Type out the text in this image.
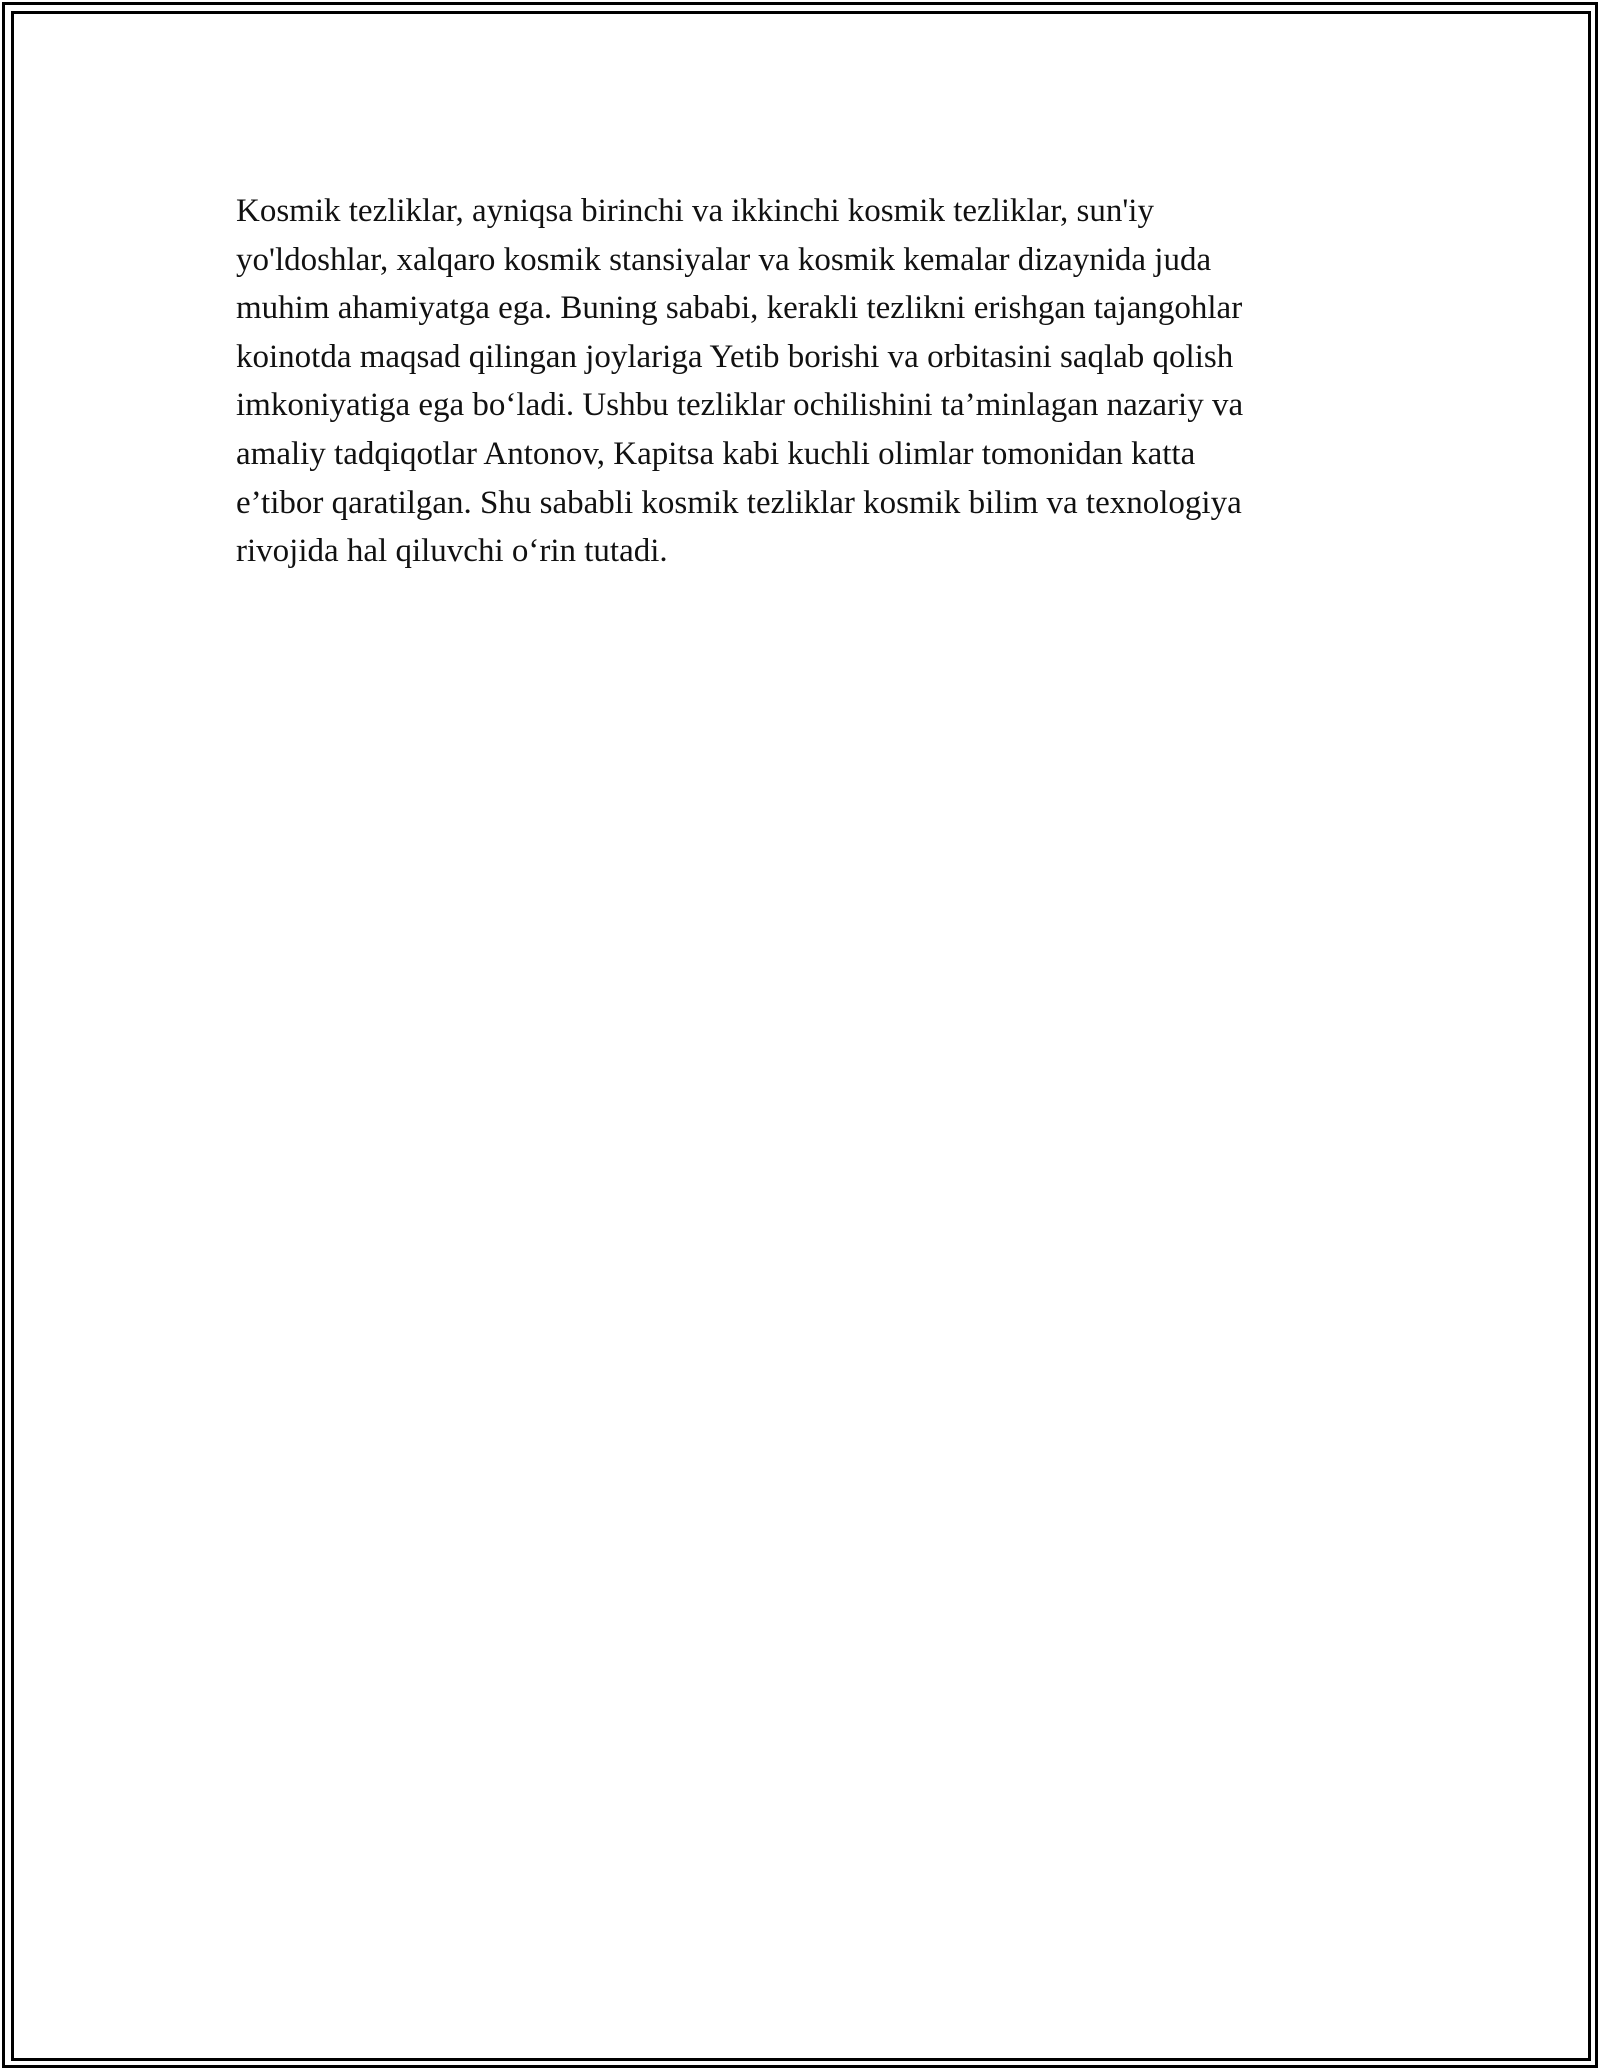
Kosmik tezliklar, ayniqsa birinchi va ikkinchi kosmik tezliklar, sun'iy
yo'ldoshlar, xalqaro kosmik stansiyalar va kosmik kemalar dizaynida juda
muhim ahamiyatga ega. Buning sababi, kerakli tezlikni erishgan tajangohlar
koinotda maqsad qilingan joylariga Yetib borishi va orbitasini saqlab qolish
imkoniyatiga ega bo‘ladi. Ushbu tezliklar ochilishini ta’minlagan nazariy va
amaliy tadqiqotlar Antonov, Kapitsa kabi kuchli olimlar tomonidan katta
e’tibor qaratilgan. Shu sababli kosmik tezliklar kosmik bilim va texnologiya
rivojida hal qiluvchi o‘rin tutadi.
